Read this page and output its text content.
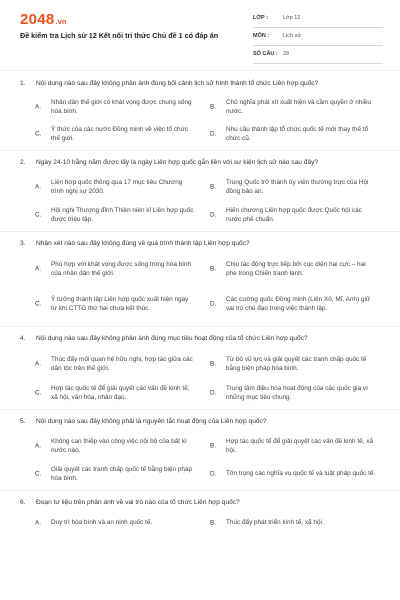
2048.vn
Đề kiểm tra Lịch sử 12 Kết nối tri thức Chủ đề 1 có đáp án
LỚP :	Lớp 12
MÔN :	Lịch sử
SỐ CÂU : 28
1. Nội dung nào sau đây không phản ánh đúng bối cảnh lịch sử hình thành tổ chức Liên hợp quốc?
A.
Nhân dân thế giới có khát vọng được chung sống hòa bình.
B.
Chủ nghĩa phát xít xuất hiện và cầm quyền ở nhiều nước.
C.
Ý thức của các nước Đồng minh về việc tổ chức thế giới.
D.
Nhu cầu thành lập tổ chức quốc tế mới thay thế tổ chức cũ.
2. Ngày 24-10 hằng năm được lấy là ngày Liên hợp quốc gắn liền với sự kiện lịch sử nào sau đây?
A.
Liên hợp quốc thông qua 17 mục tiêu Chương trình nghị sự 2030.
B.
Trung Quốc trở thành ủy viên thường trực của Hội đồng bảo an.
C.
Hội nghị Thượng đỉnh Thiên niên kỉ Liên hợp quốc được triệu tập.
D.
Hiến chương Liên hợp quốc được Quốc hội các nước phê chuẩn.
3. Nhận xét nào sau đây không đúng về quá trình thành lập Liên hợp quốc?
A.
Phù hợp với khát vọng được sống trong hòa bình của nhân dân thế giới.
B.
Chịu tác động trực tiếp bởi cục diện hai cực – hai phe trong Chiến tranh lạnh.
C.
Ý tưởng thành lập Liên hợp quốc xuất hiện ngay từ khi CTTG thứ hai chưa kết thúc.
D.
Các cường quốc Đồng minh (Liên Xô, Mĩ, Anh) giữ vai trò chủ đạo trong việc thành lập.
4. Nội dung nào sau đây không phản ánh đúng mục tiêu hoạt động của tổ chức Liên hợp quốc?
A.
Thúc đẩy mối quan hệ hữu nghị, hợp tác giữa các dân tộc trên thế giới.
B.
Từ bỏ vũ lực và giải quyết các tranh chấp quốc tế bằng biện pháp hòa bình.
C.
Hợp tác quốc tế để giải quyết các vấn đề kinh tế, xã hội, văn hóa, nhân đạo.
D.
Trung tâm điều hòa hoạt động của các quốc gia vì những mục tiêu chung.
5. Nội dung nào sau đây không phải là nguyên tắc hoạt động của Liên hợp quốc?
A.
Không can thiệp vào công việc nội bộ của bất kì nước nào.
B.
Hợp tác quốc tế để giải quyết các vấn đề kinh tế, xã hội.
C.
Giải quyết các tranh chấp quốc tế bằng biện pháp hòa bình.
D.	Tôn trọng các nghĩa vụ quốc tế và luật pháp quốc tế.
6. Đoạn tư liệu trên phản ánh về vai trò nào của tổ chức Liên hợp quốc?
A.	Duy trì hòa bình và an ninh quốc tế.	B.	Thúc đẩy phát triển kinh tế, xã hội.
